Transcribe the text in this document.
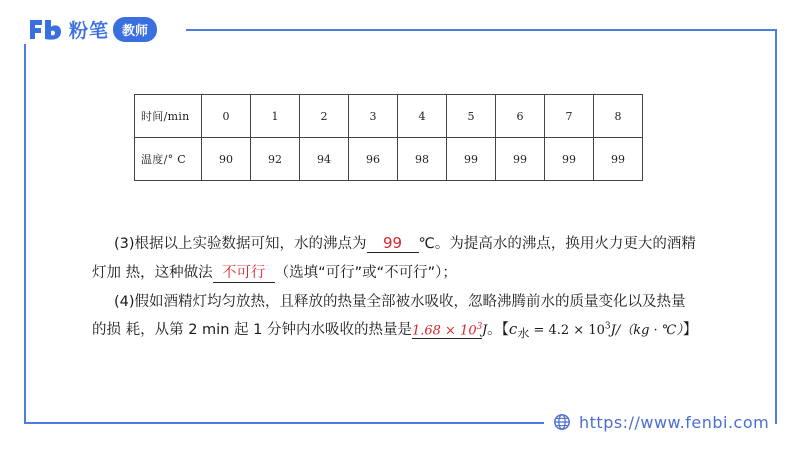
粉笔	教师
时间/min	0	1	2	3	4	5	6	7	8
温度/° C	90	92	94	96	98	99	99	99	99
(3)根据以上实验数据可知，水的沸点为 99 ℃。为提高水的沸点，换用火力更大的酒精
灯加 热，这种做法 不可行 （选填“可行”或“不可行”）；
(4)假如酒精灯均匀放热，且释放的热量全部被水吸收，忽略沸腾前水的质量变化以及热量
的损 耗，从第 2 min 起 1 分钟内水吸收的热量是$1.68 \times 10^3J$。【$c_水 = 4.2 \times 10^3J/(kg$ · ℃）】
https://www.fenbi.com
